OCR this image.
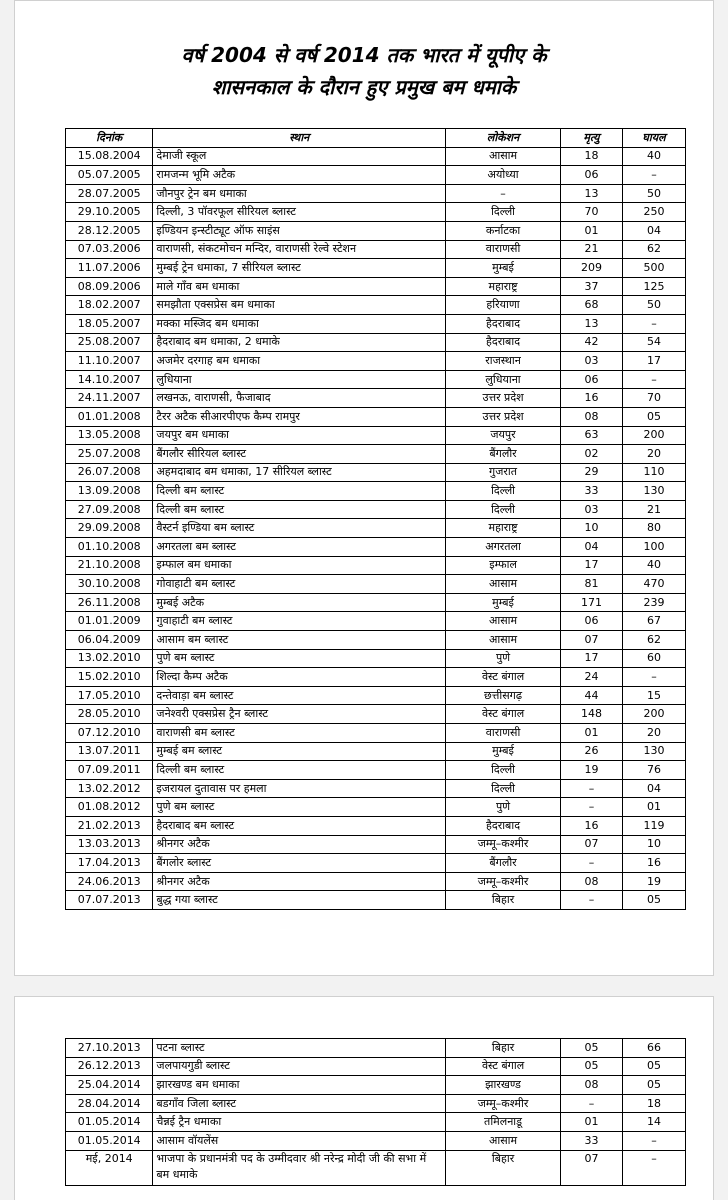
वर्ष 2004 से वर्ष 2014 तक भारत में यूपीए के
शासनकाल के दौरान हुए प्रमुख बम धमाके
दिनांक	स्थान	लोकेशन	मृत्यु	घायल
15.08.2004	देमाजी स्कूल	आसाम	18	40
05.07.2005	रामजन्म भूमि अटैक	अयोध्या	06	–
28.07.2005	जौनपुर ट्रेन बम धमाका	–	13	50
29.10.2005	दिल्ली, 3 पॉवरफूल सीरियल ब्लास्ट	दिल्ली	70	250
28.12.2005	इण्डियन इन्स्टीट्यूट ऑफ साइंस	कर्नाटका	01	04
07.03.2006	वाराणसी, संकटमोचन मन्दिर, वाराणसी रेल्वे स्टेशन	वाराणसी	21	62
11.07.2006	मुम्बई ट्रेन धमाका, 7 सीरियल ब्लास्ट	मुम्बई	209	500
08.09.2006	माले गाँव बम धमाका	महाराष्ट्र	37	125
18.02.2007	समझौता एक्सप्रेस बम धमाका	हरियाणा	68	50
18.05.2007	मक्का मस्जिद बम धमाका	हैदराबाद	13	–
25.08.2007	हैदराबाद बम धमाका, 2 धमाके	हैदराबाद	42	54
11.10.2007	अजमेर दरगाह बम धमाका	राजस्थान	03	17
14.10.2007	लुधियाना	लुधियाना	06	–
24.11.2007	लखनऊ, वाराणसी, फैजाबाद	उत्तर प्रदेश	16	70
01.01.2008	टैरर अटैक सीआरपीएफ कैम्प रामपुर	उत्तर प्रदेश	08	05
13.05.2008	जयपुर बम धमाका	जयपुर	63	200
25.07.2008	बैंगलौर सीरियल ब्लास्ट	बैंगलौर	02	20
26.07.2008	अहमदाबाद बम धमाका, 17 सीरियल ब्लास्ट	गुजरात	29	110
13.09.2008	दिल्ली बम ब्लास्ट	दिल्ली	33	130
27.09.2008	दिल्ली बम ब्लास्ट	दिल्ली	03	21
29.09.2008	वैस्टर्न इण्डिया बम ब्लास्ट	महाराष्ट्र	10	80
01.10.2008	अगरतला बम ब्लास्ट	अगरतला	04	100
21.10.2008	इम्फाल बम धमाका	इम्फाल	17	40
30.10.2008	गोवाहाटी बम ब्लास्ट	आसाम	81	470
26.11.2008	मुम्बई अटैक	मुम्बई	171	239
01.01.2009	गुवाहाटी बम ब्लास्ट	आसाम	06	67
06.04.2009	आसाम बम ब्लास्ट	आसाम	07	62
13.02.2010	पुणे बम ब्लास्ट	पुणे	17	60
15.02.2010	शिल्दा कैम्प अटैक	वेस्ट बंगाल	24	–
17.05.2010	दन्तेवाड़ा बम ब्लास्ट	छत्तीसगढ़	44	15
28.05.2010	जनेश्वरी एक्सप्रेस ट्रैन ब्लास्ट	वेस्ट बंगाल	148	200
07.12.2010	वाराणसी बम ब्लास्ट	वाराणसी	01	20
13.07.2011	मुम्बई बम ब्लास्ट	मुम्बई	26	130
07.09.2011	दिल्ली बम ब्लास्ट	दिल्ली	19	76
13.02.2012	इजरायल दुतावास पर हमला	दिल्ली	–	04
01.08.2012	पुणे बम ब्लास्ट	पुणे	–	01
21.02.2013	हैदराबाद बम ब्लास्ट	हैदराबाद	16	119
13.03.2013	श्रीनगर अटैक	जम्मू–कश्मीर	07	10
17.04.2013	बैंगलोर ब्लास्ट	बैंगलौर	–	16
24.06.2013	श्रीनगर अटैक	जम्मू–कश्मीर	08	19
07.07.2013	बुद्ध गया ब्लास्ट	बिहार	–	05
27.10.2013	पटना ब्लास्ट	बिहार	05	66
26.12.2013	जलपायगुडी ब्लास्ट	वेस्ट बंगाल	05	05
25.04.2014	झारखण्ड बम धमाका	झारखण्ड	08	05
28.04.2014	बडगाँव जिला ब्लास्ट	जम्मू–कश्मीर	–	18
01.05.2014	चैन्नई ट्रैन धमाका	तमिलनाडू	01	14
01.05.2014	आसाम वॉयलेंस	आसाम	33	–
मई, 2014	भाजपा के प्रधानमंत्री पद के उम्मीदवार श्री नरेन्द्र मोदी जी की सभा में बम धमाके	बिहार	07	–
